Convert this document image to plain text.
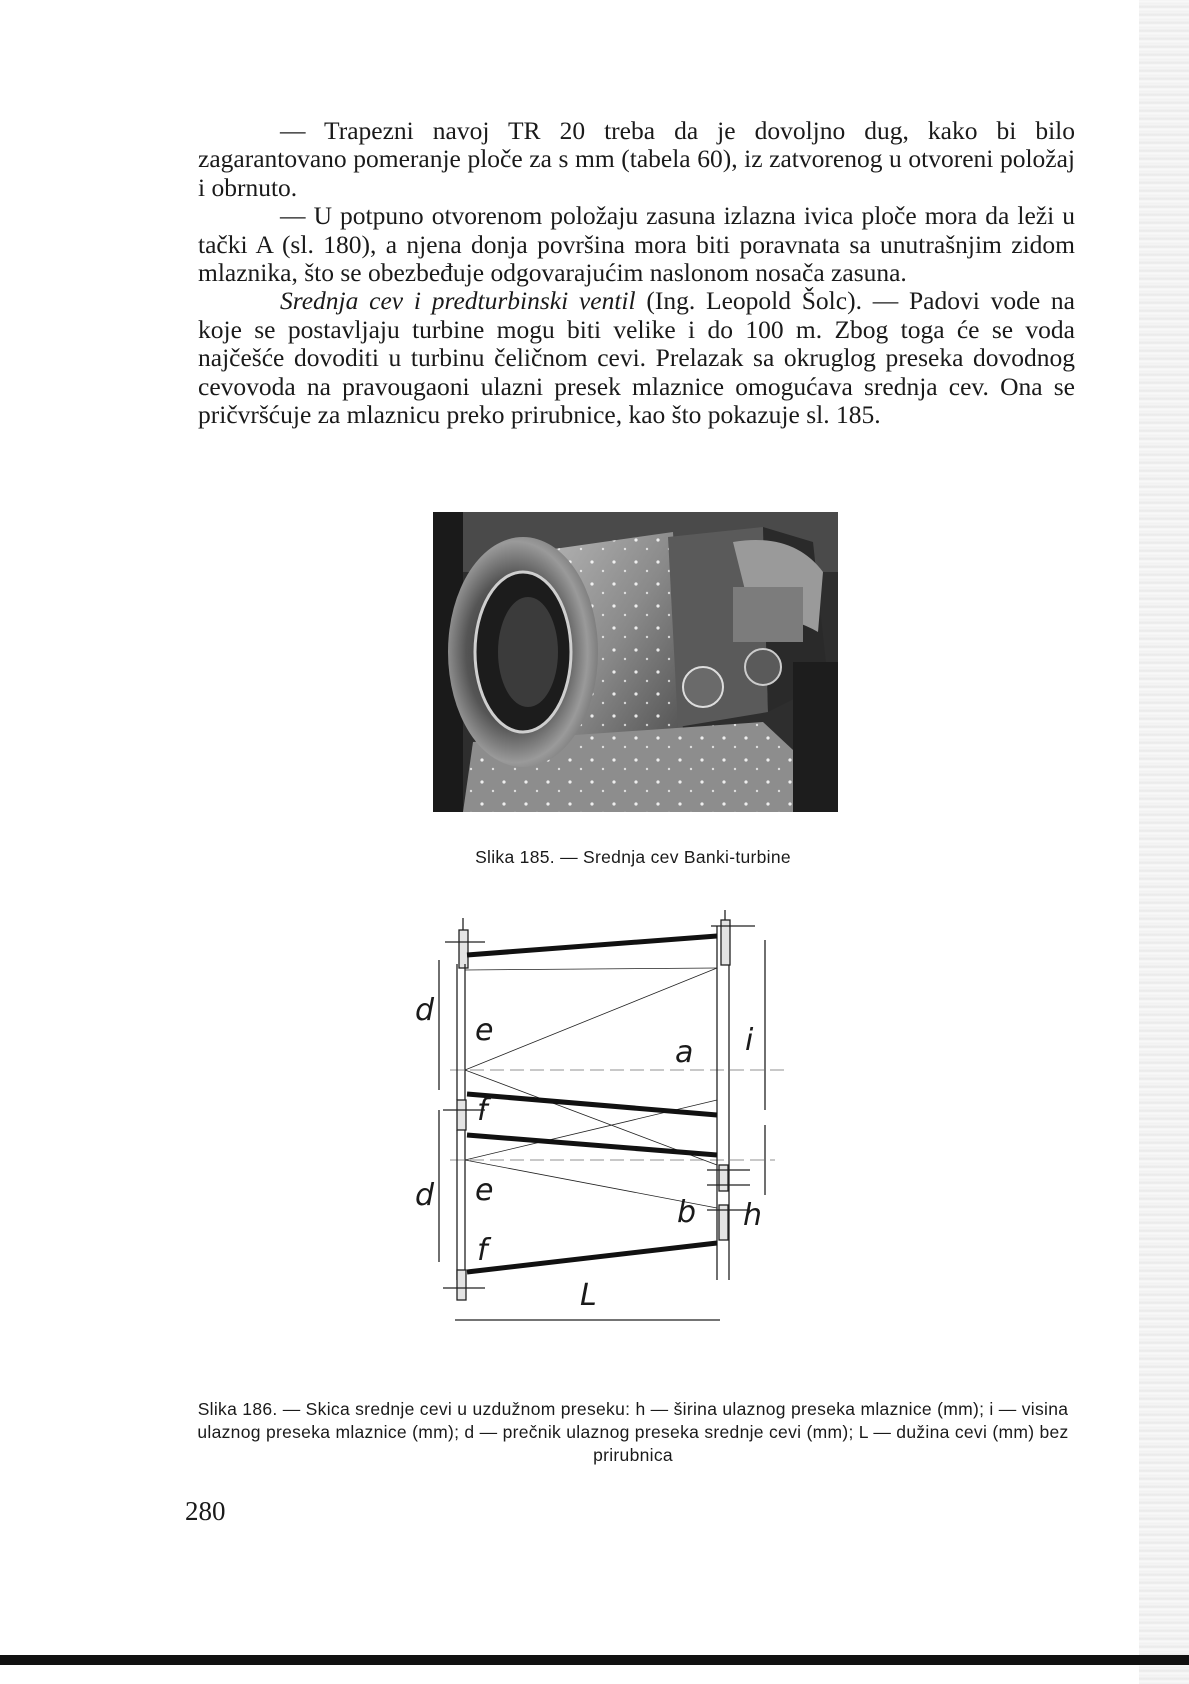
— Trapezni navoj TR 20 treba da je dovoljno dug, kako bi bilo zagarantovano pomeranje ploče za s mm (tabela 60), iz zatvorenog u otvoreni položaj i obrnuto.

— U potpuno otvorenom položaju zasuna izlazna ivica ploče mora da leži u tački A (sl. 180), a njena donja površina mora biti poravnata sa unutrašnjim zidom mlaznika, što se obezbeđuje odgovarajućim naslonom nosača zasuna.

Srednja cev i predturbinski ventil (Ing. Leopold Šolc). — Padovi vode na koje se postavljaju turbine mogu biti velike i do 100 m. Zbog toga će se voda najčešće dovoditi u turbinu čeličnom cevi. Prelazak sa okruglog preseka dovodnog cevovoda na pravougaoni ulazni presek mlaznice omogućava srednja cev. Ona se pričvršćuje za mlaznicu preko prirubnice, kao što pokazuje sl. 185.

Slika 185. — Srednja cev Banki-turbine
e
f
a i
d
e
f
b h
d
L
Slika 186. — Skica srednje cevi u uzdužnom preseku: h — širina ulaznog preseka mlaznice (mm); i — visina ulaznog preseka mlaznice (mm); d — prečnik ulaznog preseka srednje cevi (mm); L — dužina cevi (mm) bez prirubnica
280
